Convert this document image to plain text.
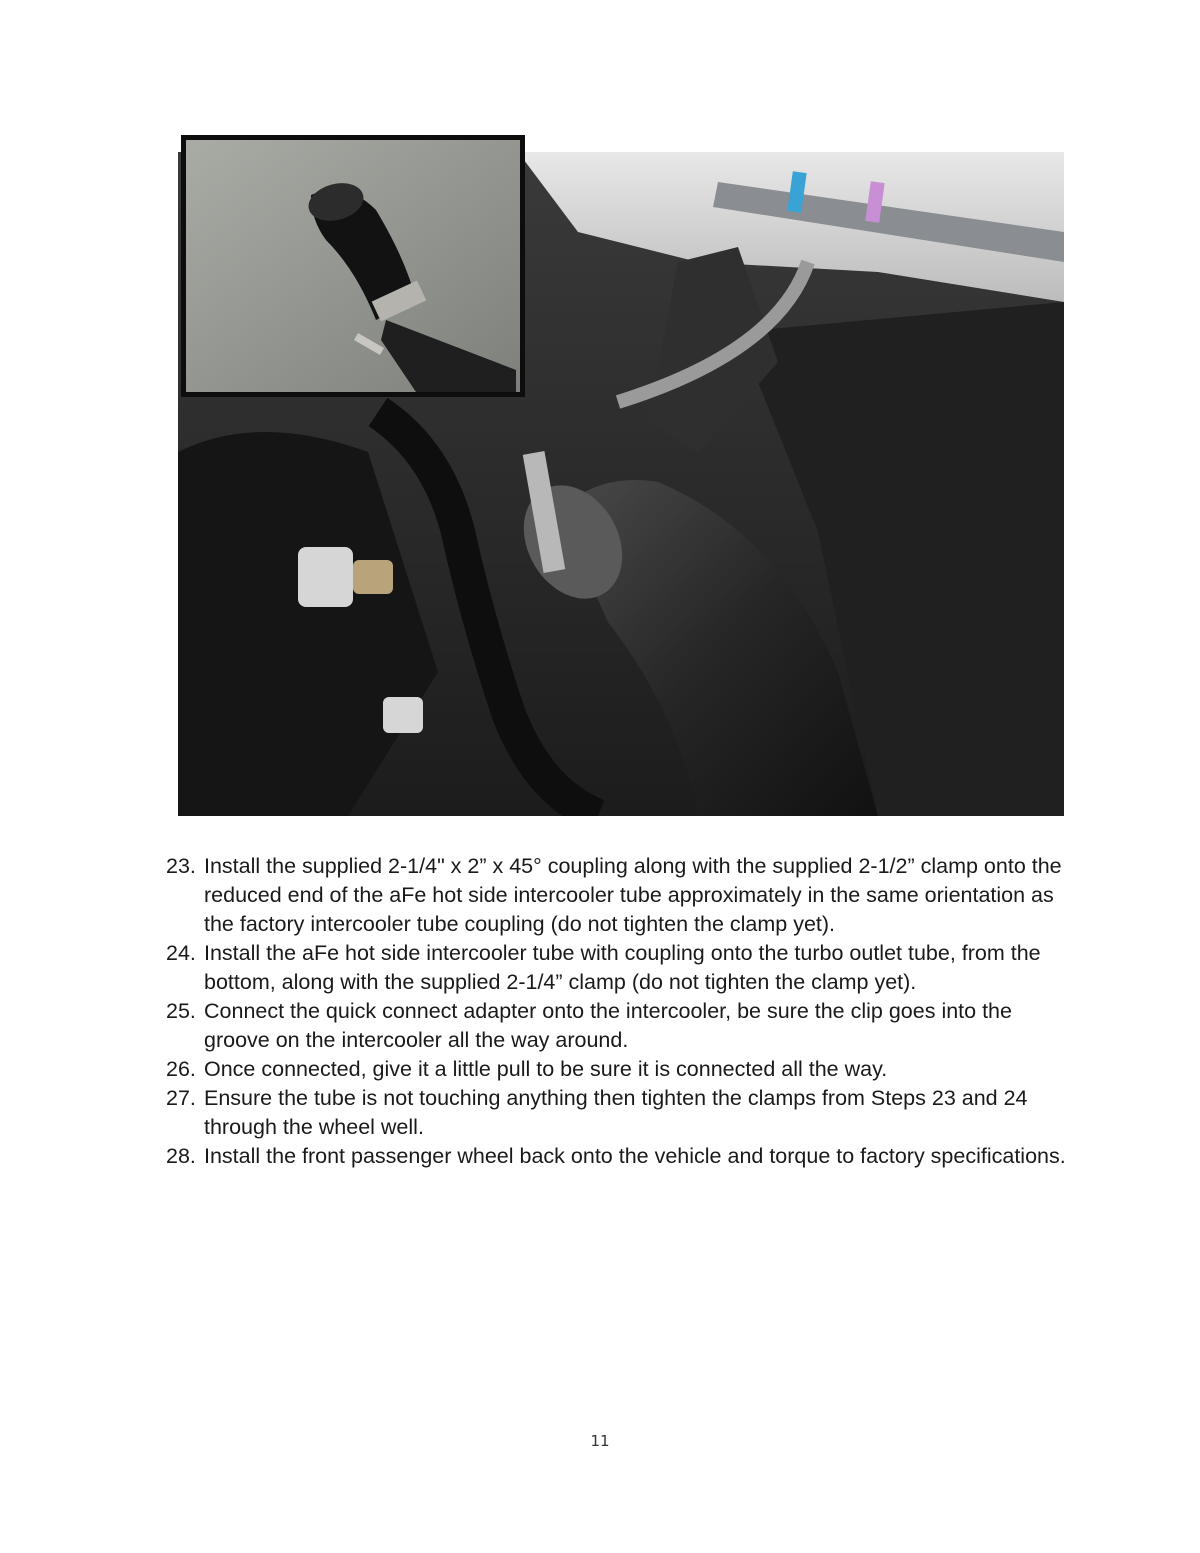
23. Install the supplied 2-1/4" x 2” x 45° coupling along with the supplied 2-1/2” clamp onto the reduced end of the aFe hot side intercooler tube approximately in the same orientation as the factory intercooler tube coupling (do not tighten the clamp yet).
24. Install the aFe hot side intercooler tube with coupling onto the turbo outlet tube, from the bottom, along with the supplied 2-1/4” clamp (do not tighten the clamp yet).
25. Connect the quick connect adapter onto the intercooler, be sure the clip goes into the groove on the intercooler all the way around.
26. Once connected, give it a little pull to be sure it is connected all the way.
27. Ensure the tube is not touching anything then tighten the clamps from Steps 23 and 24 through the wheel well.
28. Install the front passenger wheel back onto the vehicle and torque to factory specifications.
11
